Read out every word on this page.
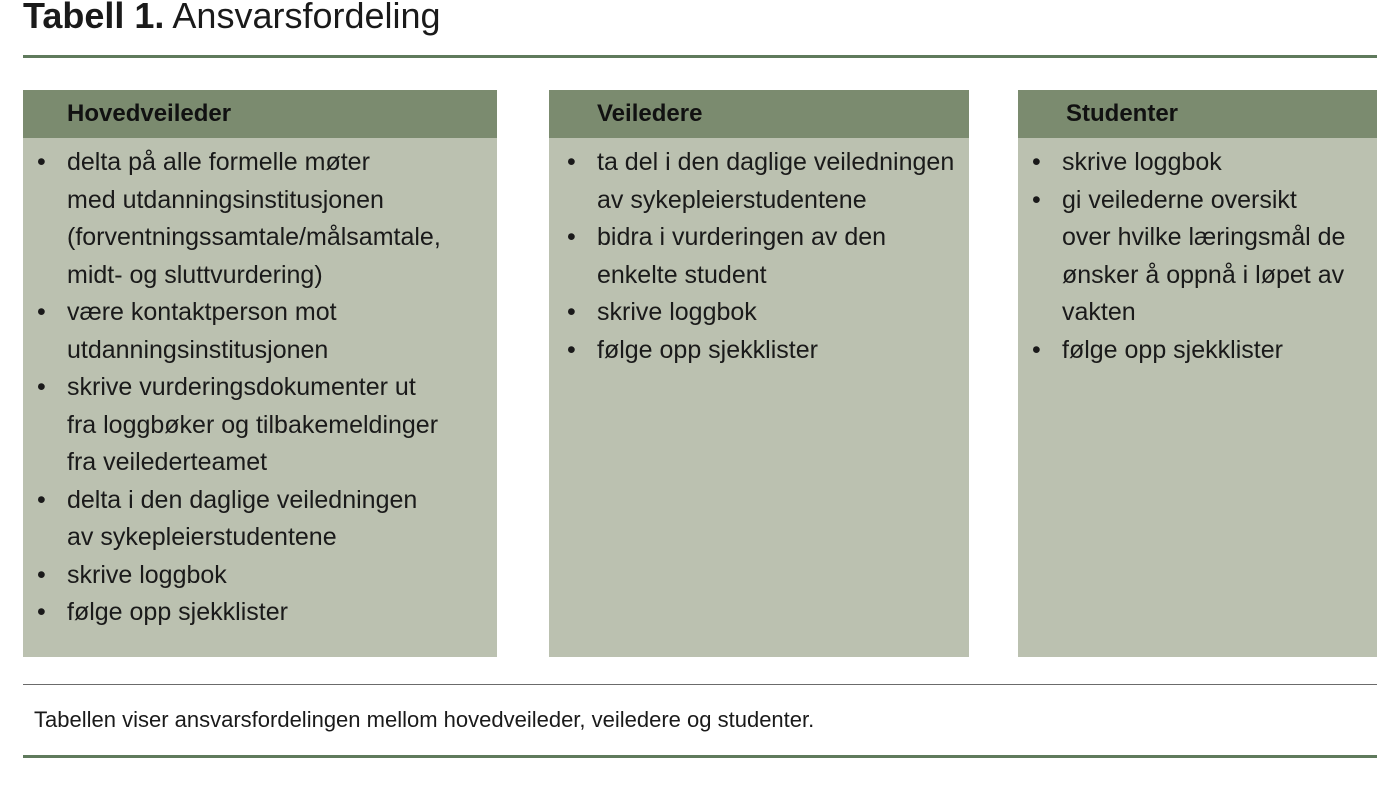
Tabell 1. Ansvarsfordeling
Hovedveileder
• delta på alle formelle møter
med utdanningsinstitusjonen
(forventningssamtale/målsamtale,
midt- og sluttvurdering)
• være kontaktperson mot
utdanningsinstitusjonen
• skrive vurderingsdokumenter ut
fra loggbøker og tilbakemeldinger
fra veilederteamet
• delta i den daglige veiledningen
av sykepleierstudentene
• skrive loggbok
• følge opp sjekklister
Veiledere
• ta del i den daglige veiledningen
av sykepleierstudentene
• bidra i vurderingen av den
enkelte student
• skrive loggbok
• følge opp sjekklister
Studenter
• skrive loggbok
• gi veilederne oversikt
over hvilke læringsmål de
ønsker å oppnå i løpet av
vakten
• følge opp sjekklister
Tabellen viser ansvarsfordelingen mellom hovedveileder, veiledere og studenter.
